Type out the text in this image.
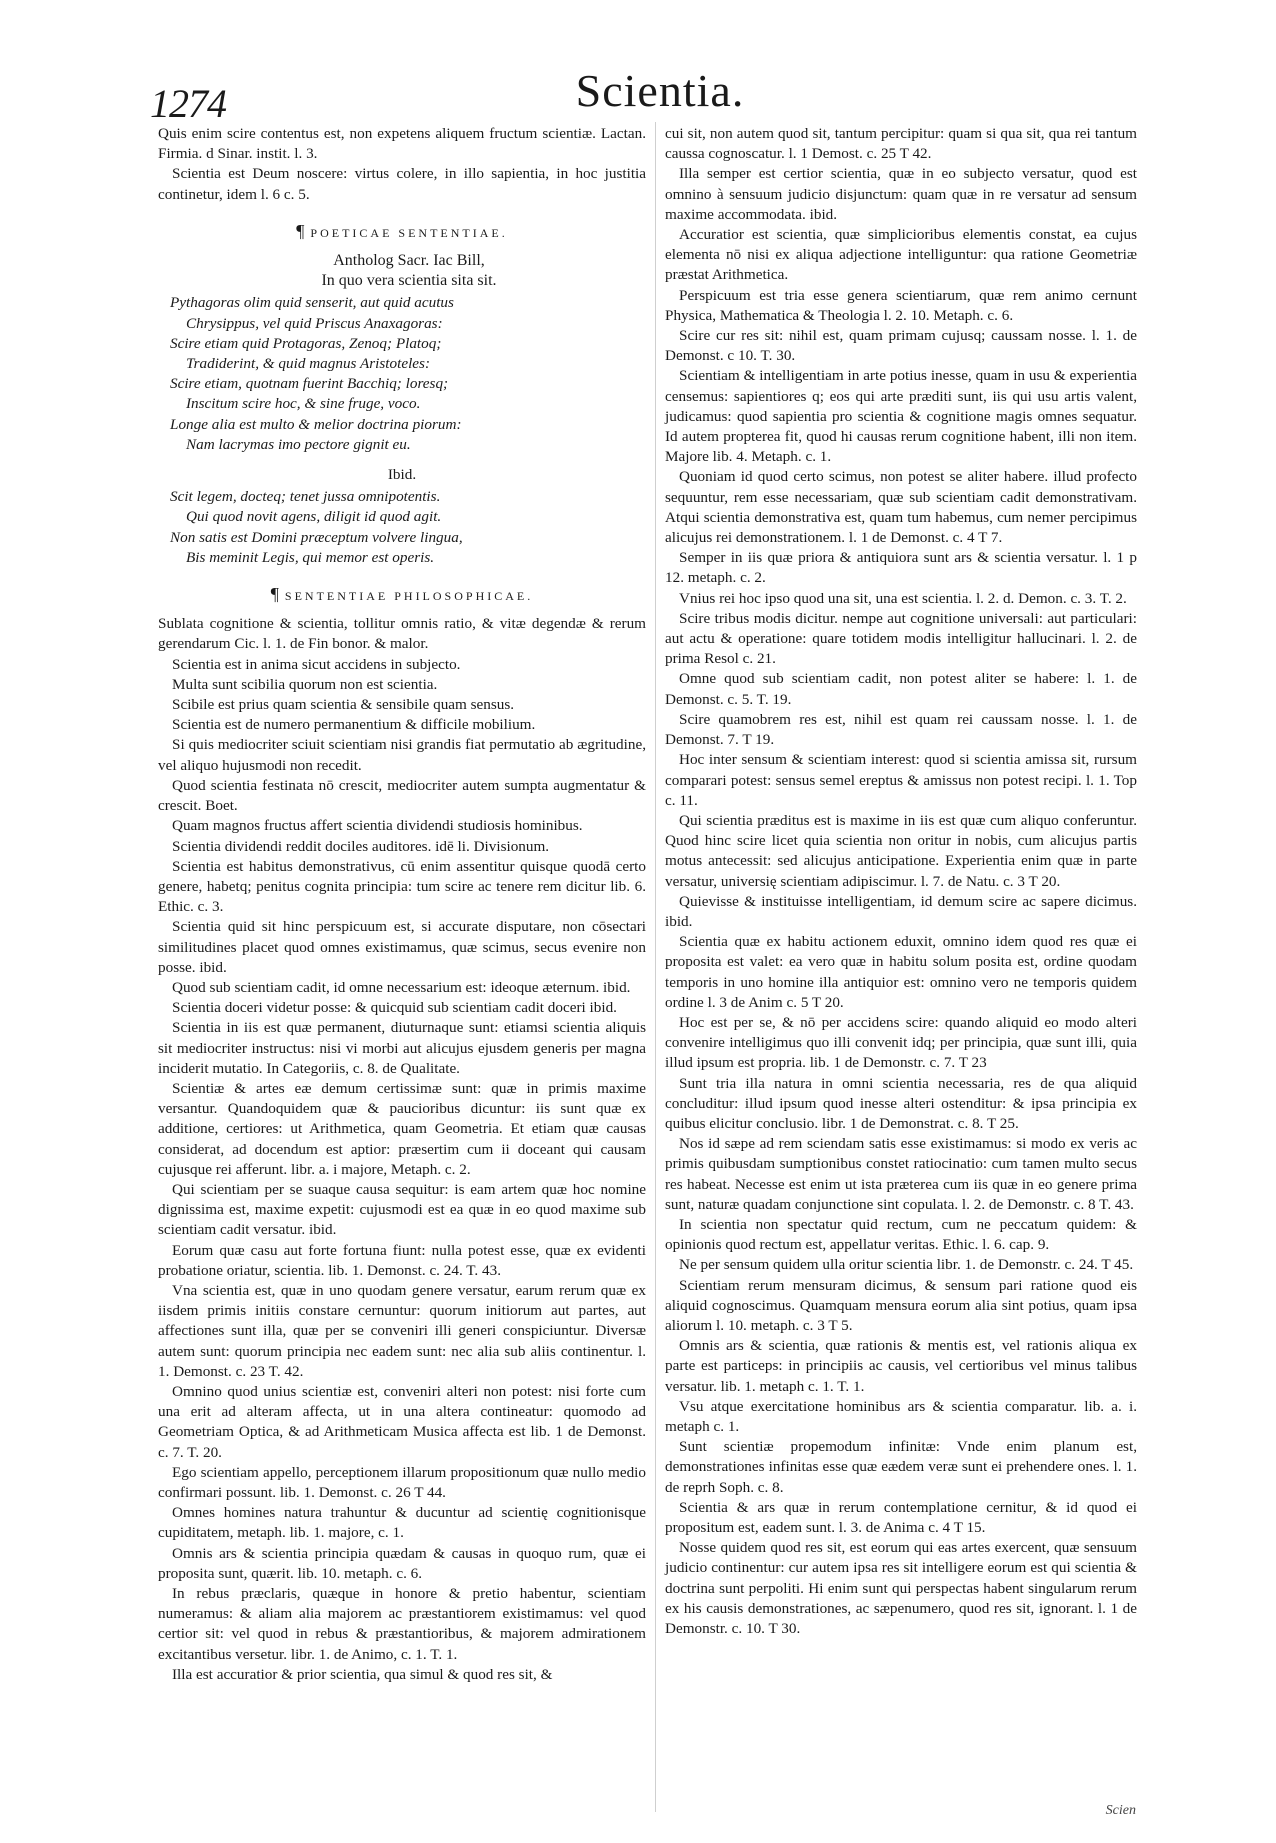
1274	Scientia.

Quis enim scire contentus est, non expetens aliquem fructum scientiæ. Lactan. Firmia. d Sinar. instit. l. 3.

Scientia est Deum noscere: virtus colere, in illo sapientia, in hoc justitia continetur, idem l. 6 c. 5.

¶ POETICAE SENTENTIAE.

Antholog Sacr. Iac Bill,

In quo vera scientia sita sit.

Pythagoras olim quid senserit, aut quid acutus
Chrysippus, vel quid Priscus Anaxagoras:
Scire etiam quid Protagoras, Zenoq; Platoq;
Tradiderint, & quid magnus Aristoteles:
Scire etiam, quotnam fuerint Bacchiq; loresq;
Inscitum scire hoc, & sine fruge, voco.
Longe alia est multo & melior doctrina piorum:
Nam lacrymas imo pectore gignit eu.
Ibid.
Scit legem, docteq; tenet jussa omnipotentis.
Qui quod novit agens, diligit id quod agit.
Non satis est Domini præceptum volvere lingua,
Bis meminit Legis, qui memor est operis.
¶ SENTENTIAE PHILOSOPHICAE.

Sublata cognitione & scientia, tollitur omnis ratio, & vitæ degendæ & rerum gerendarum Cic. l. 1. de Fin bonor. & malor.

Scientia est in anima sicut accidens in subjecto.

Multa sunt scibilia quorum non est scientia.

Scibile est prius quam scientia & sensibile quam sensus.

Scientia est de numero permanentium & difficile mobilium.

Si quis mediocriter sciuit scientiam nisi grandis fiat permutatio ab ægritudine, vel aliquo hujusmodi non recedit.

Quod scientia festinata nō crescit, mediocriter autem sumpta augmentatur & crescit. Boet.

Quam magnos fructus affert scientia dividendi studiosis hominibus.

Scientia dividendi reddit dociles auditores. idē li. Divisionum.

Scientia est habitus demonstrativus, cū enim assentitur quisque quodā certo genere, habetq; penitus cognita principia: tum scire ac tenere rem dicitur lib. 6. Ethic. c. 3.

Scientia quid sit hinc perspicuum est, si accurate disputare, non cōsectari similitudines placet quod omnes existimamus, quæ scimus, secus evenire non posse. ibid.

Quod sub scientiam cadit, id omne necessarium est: ideoque æternum. ibid.

Scientia doceri videtur posse: & quicquid sub scientiam cadit doceri ibid.

Scientia in iis est quæ permanent, diuturnaque sunt: etiamsi scientia aliquis sit mediocriter instructus: nisi vi morbi aut alicujus ejusdem generis per magna inciderit mutatio. In Categoriis, c. 8. de Qualitate.

Scientiæ & artes eæ demum certissimæ sunt: quæ in primis maxime versantur. Quandoquidem quæ & paucioribus dicuntur: iis sunt quæ ex additione, certiores: ut Arithmetica, quam Geometria. Et etiam quæ causas considerat, ad docendum est aptior: præsertim cum ii doceant qui causam cujusque rei afferunt. libr. a. i majore, Metaph. c. 2.

Qui scientiam per se suaque causa sequitur: is eam artem quæ hoc nomine dignissima est, maxime expetit: cujusmodi est ea quæ in eo quod maxime sub scientiam cadit versatur. ibid.

Eorum quæ casu aut forte fortuna fiunt: nulla potest esse, quæ ex evidenti probatione oriatur, scientia. lib. 1. Demonst. c. 24. T. 43.

Vna scientia est, quæ in uno quodam genere versatur, earum rerum quæ ex iisdem primis initiis constare cernuntur: quorum initiorum aut partes, aut affectiones sunt illa, quæ per se conveniri illi generi conspiciuntur. Diversæ autem sunt: quorum principia nec eadem sunt: nec alia sub aliis continentur. l. 1. Demonst. c. 23 T. 42.

Omnino quod unius scientiæ est, conveniri alteri non potest: nisi forte cum una erit ad alteram affecta, ut in una altera contineatur: quomodo ad Geometriam Optica, & ad Arithmeticam Musica affecta est lib. 1 de Demonst. c. 7. T. 20.

Ego scientiam appello, perceptionem illarum propositionum quæ nullo medio confirmari possunt. lib. 1. Demonst. c. 26 T 44.

Omnes homines natura trahuntur & ducuntur ad scientię cognitionisque cupiditatem, metaph. lib. 1. majore, c. 1.

Omnis ars & scientia principia quædam & causas in quoquo rum, quæ ei proposita sunt, quærit. lib. 10. metaph. c. 6.

In rebus præclaris, quæque in honore & pretio habentur, scientiam numeramus: & aliam alia majorem ac præstantiorem existimamus: vel quod certior sit: vel quod in rebus & præstantioribus, & majorem admirationem excitantibus versetur. libr. 1. de Animo, c. 1. T. 1.

Illa est accuratior & prior scientia, qua simul & quod res sit, &

cui sit, non autem quod sit, tantum percipitur: quam si qua sit, qua rei tantum caussa cognoscatur. l. 1 Demost. c. 25 T 42.

Illa semper est certior scientia, quæ in eo subjecto versatur, quod est omnino à sensuum judicio disjunctum: quam quæ in re versatur ad sensum maxime accommodata. ibid.

Accuratior est scientia, quæ simplicioribus elementis constat, ea cujus elementa nō nisi ex aliqua adjectione intelliguntur: qua ratione Geometriæ præstat Arithmetica.

Perspicuum est tria esse genera scientiarum, quæ rem animo cernunt Physica, Mathematica & Theologia l. 2. 10. Metaph. c. 6.

Scire cur res sit: nihil est, quam primam cujusq; caussam nosse. l. 1. de Demonst. c 10. T. 30.

Scientiam & intelligentiam in arte potius inesse, quam in usu & experientia censemus: sapientiores q; eos qui arte præditi sunt, iis qui usu artis valent, judicamus: quod sapientia pro scientia & cognitione magis omnes sequatur. Id autem propterea fit, quod hi causas rerum cognitione habent, illi non item. Majore lib. 4. Metaph. c. 1.

Quoniam id quod certo scimus, non potest se aliter habere. illud profecto sequuntur, rem esse necessariam, quæ sub scientiam cadit demonstrativam. Atqui scientia demonstrativa est, quam tum habemus, cum nemer percipimus alicujus rei demonstrationem. l. 1 de Demonst. c. 4 T 7.

Semper in iis quæ priora & antiquiora sunt ars & scientia versatur. l. 1 p 12. metaph. c. 2.

Vnius rei hoc ipso quod una sit, una est scientia. l. 2. d. Demon. c. 3. T. 2.

Scire tribus modis dicitur. nempe aut cognitione universali: aut particulari: aut actu & operatione: quare totidem modis intelligitur hallucinari. l. 2. de prima Resol c. 21.

Omne quod sub scientiam cadit, non potest aliter se habere: l. 1. de Demonst. c. 5. T. 19.

Scire quamobrem res est, nihil est quam rei caussam nosse. l. 1. de Demonst. 7. T 19.

Hoc inter sensum & scientiam interest: quod si scientia amissa sit, rursum comparari potest: sensus semel ereptus & amissus non potest recipi. l. 1. Top c. 11.

Qui scientia præditus est is maxime in iis est quæ cum aliquo conferuntur. Quod hinc scire licet quia scientia non oritur in nobis, cum alicujus partis motus antecessit: sed alicujus anticipatione. Experientia enim quæ in parte versatur, universię scientiam adipiscimur. l. 7. de Natu. c. 3 T 20.

Quievisse & instituisse intelligentiam, id demum scire ac sapere dicimus. ibid.

Scientia quæ ex habitu actionem eduxit, omnino idem quod res quæ ei proposita est valet: ea vero quæ in habitu solum posita est, ordine quodam temporis in uno homine illa antiquior est: omnino vero ne temporis quidem ordine l. 3 de Anim c. 5 T 20.

Hoc est per se, & nō per accidens scire: quando aliquid eo modo alteri convenire intelligimus quo illi convenit idq; per principia, quæ sunt illi, quia illud ipsum est propria. lib. 1 de Demonstr. c. 7. T 23

Sunt tria illa natura in omni scientia necessaria, res de qua aliquid concluditur: illud ipsum quod inesse alteri ostenditur: & ipsa principia ex quibus elicitur conclusio. libr. 1 de Demonstrat. c. 8. T 25.

Nos id sæpe ad rem sciendam satis esse existimamus: si modo ex veris ac primis quibusdam sumptionibus constet ratiocinatio: cum tamen multo secus res habeat. Necesse est enim ut ista præterea cum iis quæ in eo genere prima sunt, naturæ quadam conjunctione sint copulata. l. 2. de Demonstr. c. 8 T. 43.

In scientia non spectatur quid rectum, cum ne peccatum quidem: & opinionis quod rectum est, appellatur veritas. Ethic. l. 6. cap. 9.

Ne per sensum quidem ulla oritur scientia libr. 1. de Demonstr. c. 24. T 45.

Scientiam rerum mensuram dicimus, & sensum pari ratione quod eis aliquid cognoscimus. Quamquam mensura eorum alia sint potius, quam ipsa aliorum l. 10. metaph. c. 3 T 5.

Omnis ars & scientia, quæ rationis & mentis est, vel rationis aliqua ex parte est particeps: in principiis ac causis, vel certioribus vel minus talibus versatur. lib. 1. metaph c. 1. T. 1.

Vsu atque exercitatione hominibus ars & scientia comparatur. lib. a. i. metaph c. 1.

Sunt scientiæ propemodum infinitæ: Vnde enim planum est, demonstrationes infinitas esse quæ eædem veræ sunt ei prehendere ones. l. 1. de reprh Soph. c. 8.

Scientia & ars quæ in rerum contemplatione cernitur, & id quod ei propositum est, eadem sunt. l. 3. de Anima c. 4 T 15.

Nosse quidem quod res sit, est eorum qui eas artes exercent, quæ sensuum judicio continentur: cur autem ipsa res sit intelligere eorum est qui scientia & doctrina sunt perpoliti. Hi enim sunt qui perspectas habent singularum rerum ex his causis demonstrationes, ac sæpenumero, quod res sit, ignorant. l. 1 de Demonstr. c. 10. T 30.

Scien
